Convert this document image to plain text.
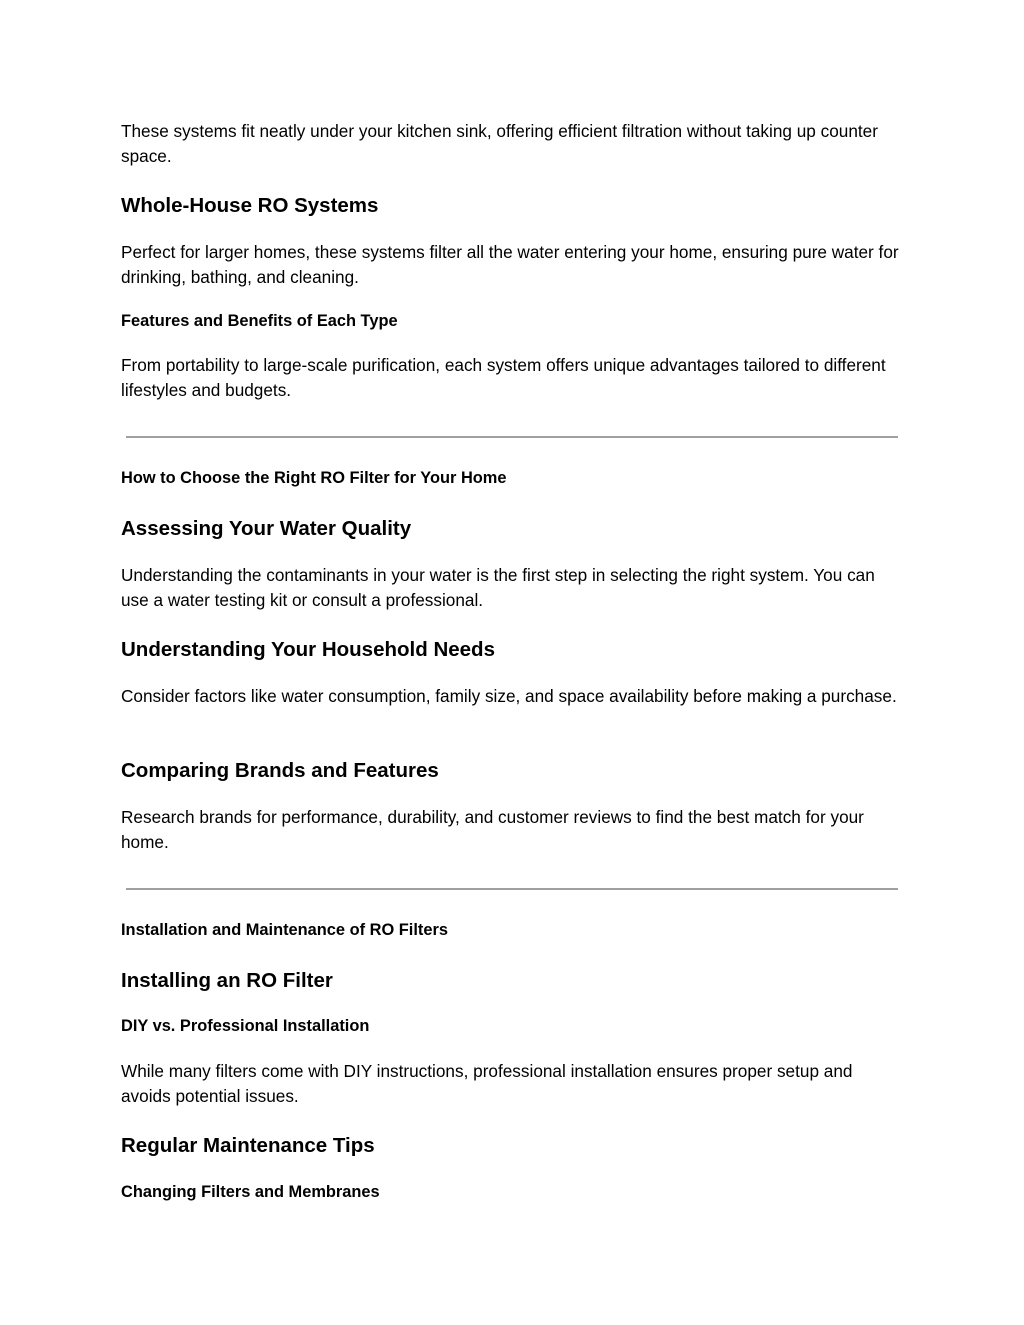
These systems fit neatly under your kitchen sink, offering efficient filtration without taking up counter space.

Whole-House RO Systems

Perfect for larger homes, these systems filter all the water entering your home, ensuring pure water for drinking, bathing, and cleaning.

Features and Benefits of Each Type

From portability to large-scale purification, each system offers unique advantages tailored to different lifestyles and budgets.

How to Choose the Right RO Filter for Your Home
Assessing Your Water Quality

Understanding the contaminants in your water is the first step in selecting the right system. You can use a water testing kit or consult a professional.

Understanding Your Household Needs

Consider factors like water consumption, family size, and space availability before making a purchase.

Comparing Brands and Features

Research brands for performance, durability, and customer reviews to find the best match for your home.

Installation and Maintenance of RO Filters
Installing an RO Filter
DIY vs. Professional Installation

While many filters come with DIY instructions, professional installation ensures proper setup and avoids potential issues.

Regular Maintenance Tips
Changing Filters and Membranes
